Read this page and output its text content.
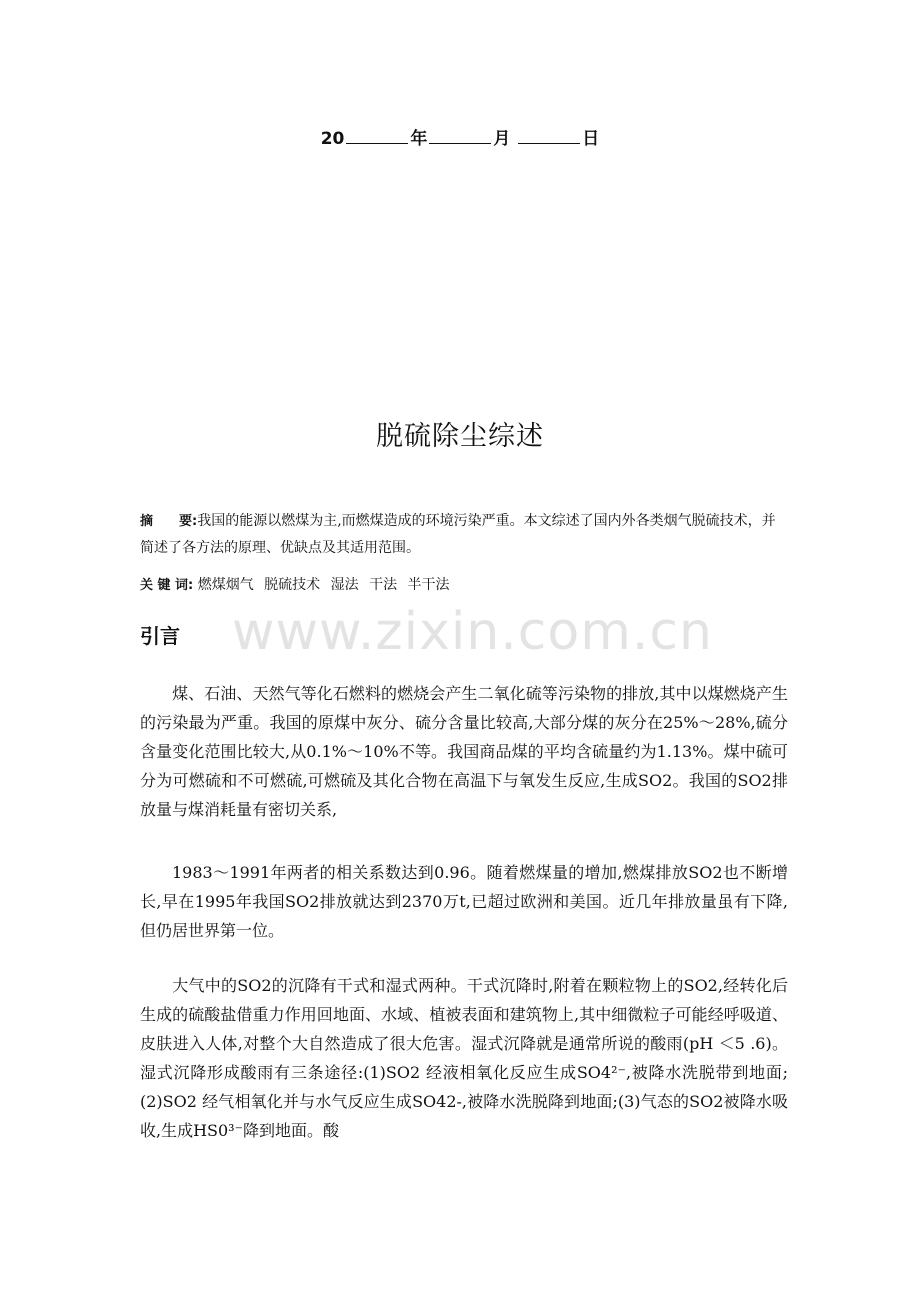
20	年	月	日
脱硫除尘综述
摘　　要:我国的能源以燃煤为主,而燃煤造成的环境污染严重。本文综述了国内外各类烟气脱硫技术，并简述了各方法的原理、优缺点及其适用范围。
关 键 词: 燃煤烟气 脱硫技术 湿法 干法 半干法
www.zixin.com.cn
引言
煤、石油、天然气等化石燃料的燃烧会产生二氧化硫等污染物的排放,其中以煤燃烧产生的污染最为严重。我国的原煤中灰分、硫分含量比较高,大部分煤的灰分在25%～28%,硫分含量变化范围比较大,从0.1%～10%不等。我国商品煤的平均含硫量约为1.13%。煤中硫可分为可燃硫和不可燃硫,可燃硫及其化合物在高温下与氧发生反应,生成SO2。我国的SO2排放量与煤消耗量有密切关系,
1983～1991年两者的相关系数达到0.96。随着燃煤量的增加,燃煤排放SO2也不断增长,早在1995年我国SO2排放就达到2370万t,已超过欧洲和美国。近几年排放量虽有下降,但仍居世界第一位。
大气中的SO2的沉降有干式和湿式两种。干式沉降时,附着在颗粒物上的SO2,经转化后生成的硫酸盐借重力作用回地面、水域、植被表面和建筑物上,其中细微粒子可能经呼吸道、皮肤进入人体,对整个大自然造成了很大危害。湿式沉降就是通常所说的酸雨(pH ＜5 .6)。湿式沉降形成酸雨有三条途径:(1)SO2 经液相氧化反应生成SO4²⁻,被降水洗脱带到地面;(2)SO2 经气相氧化并与水气反应生成SO42-,被降水洗脱降到地面;(3)气态的SO2被降水吸收,生成HS0³⁻降到地面。酸
